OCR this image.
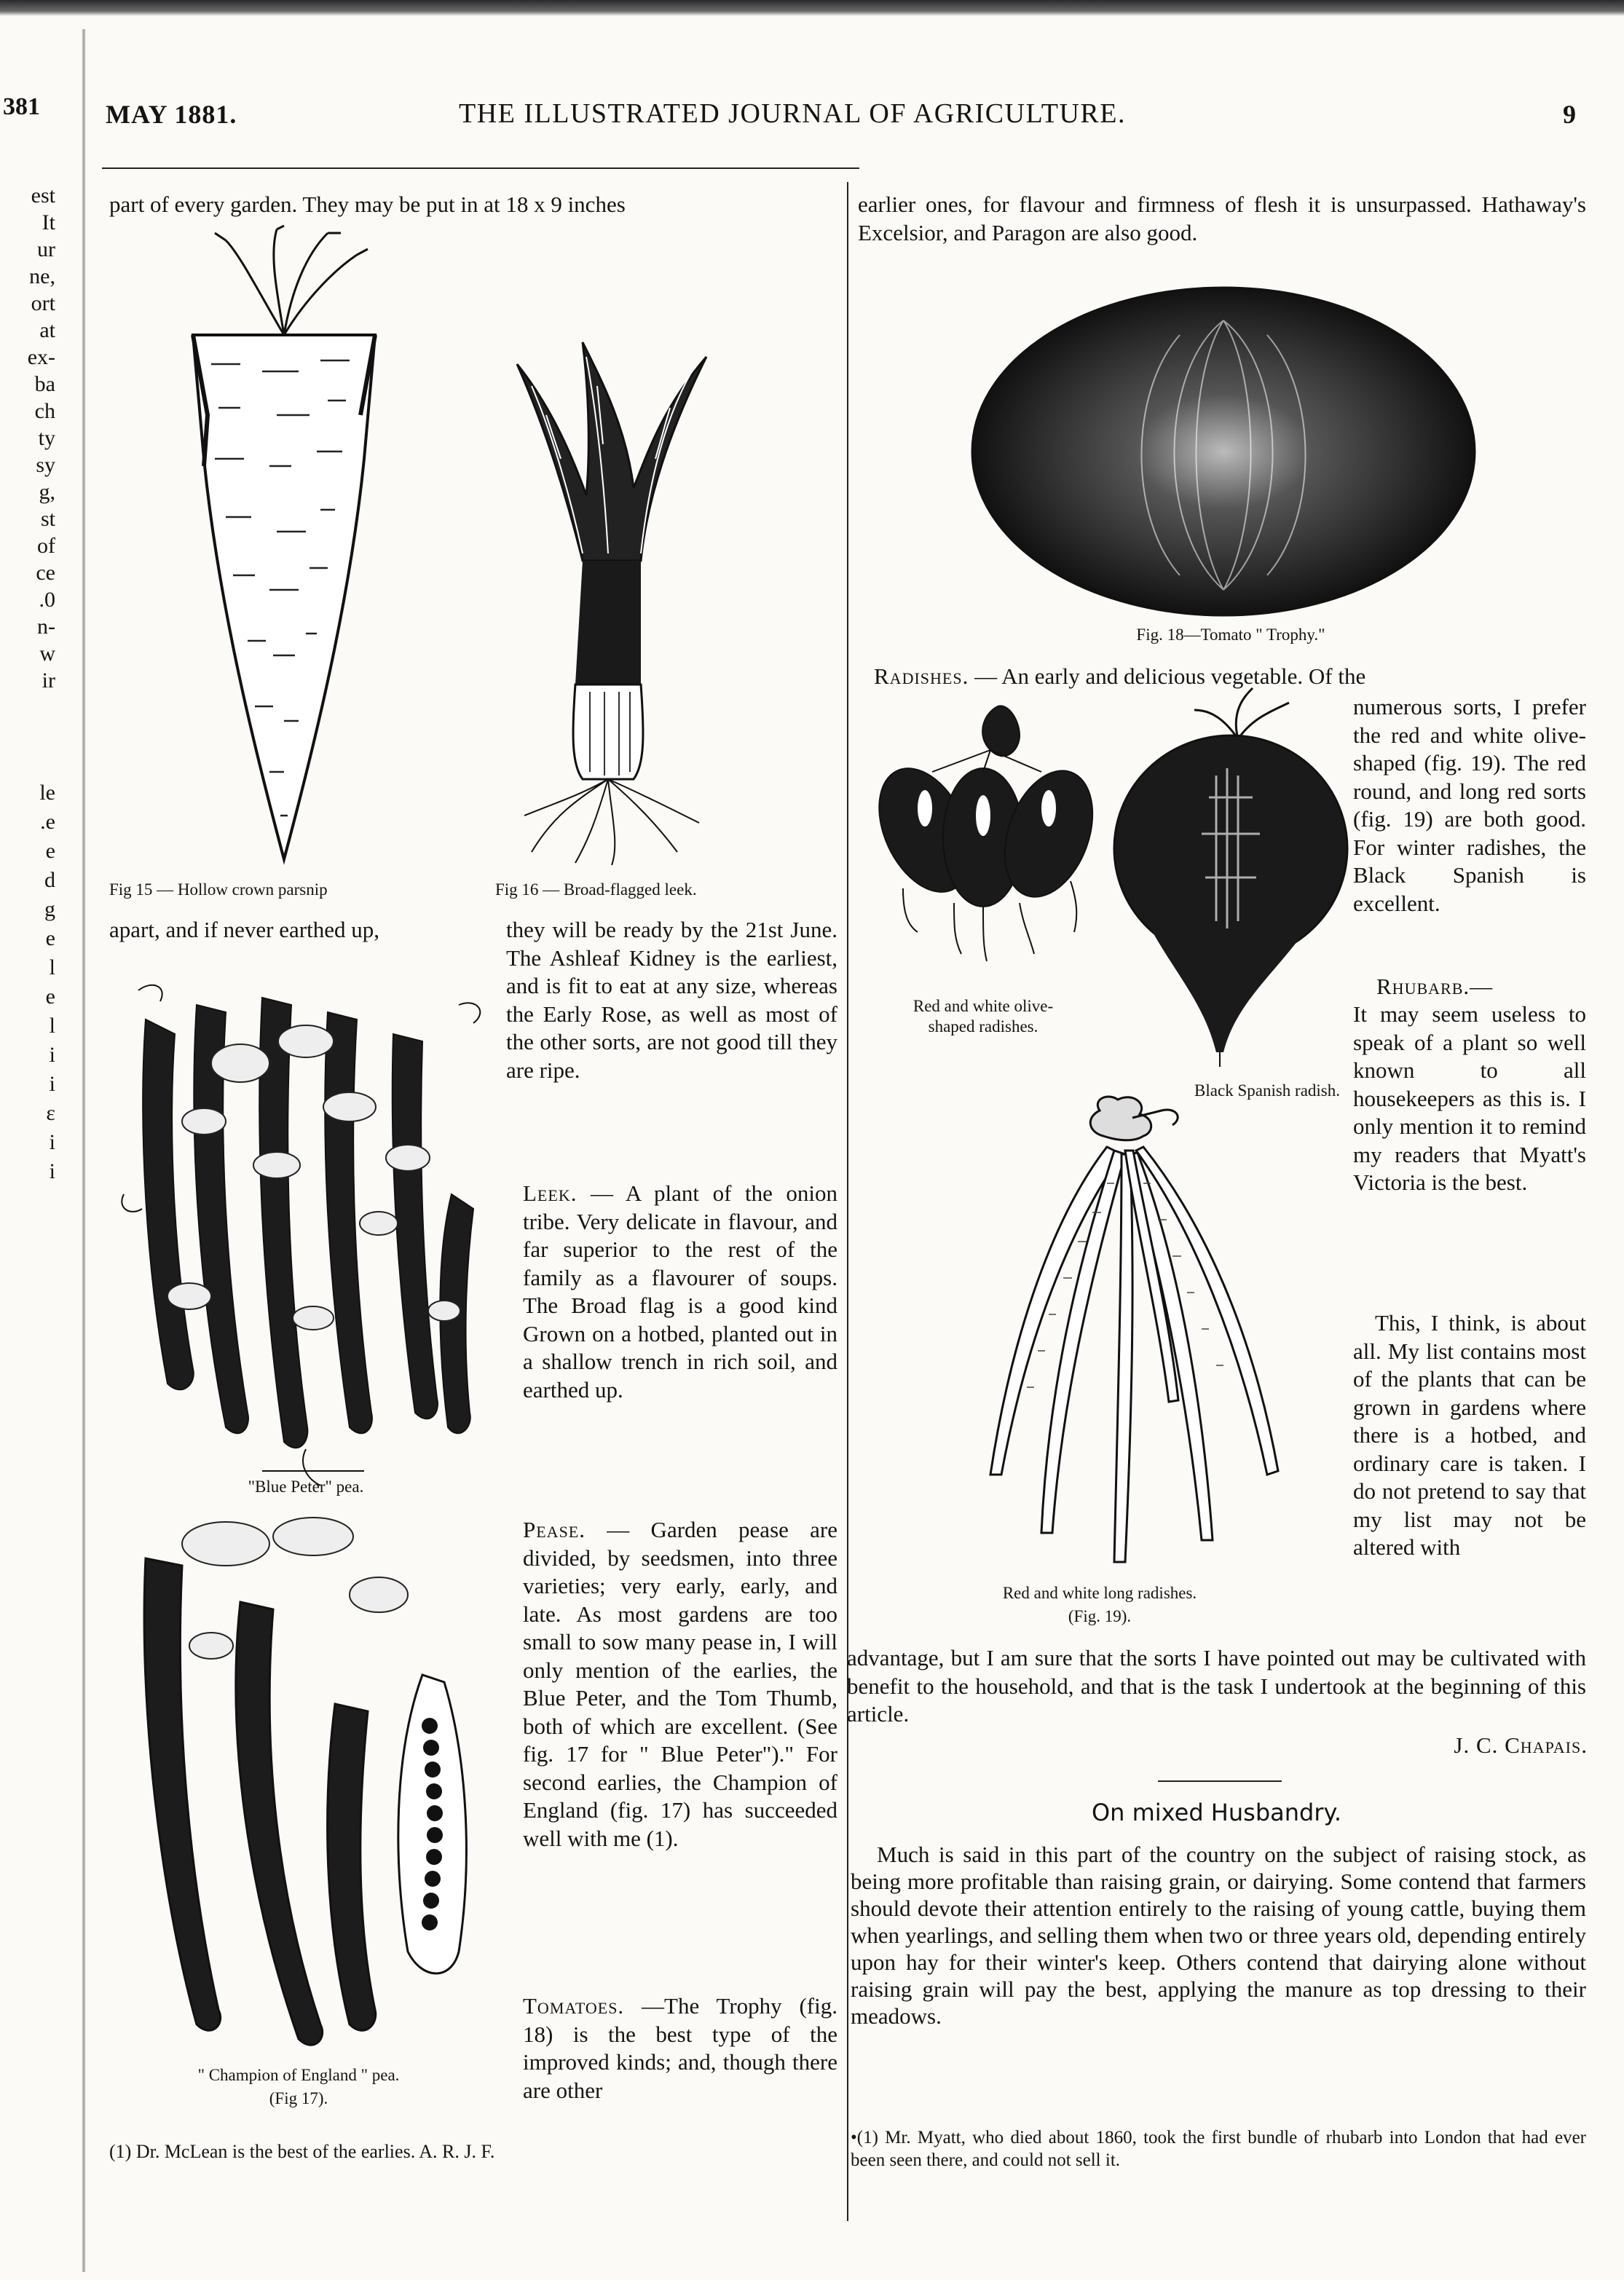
381	MAY 1881.	THE ILLUSTRATED JOURNAL OF AGRICULTURE.	9
est
It
ur
ne,
ort
at
ex-
ba
ch
ty
sy
g,
st
of
ce
.0
n-
w
ir
le
.e
e
d
g
e
l
e
l
i
i
ɛ
i
i
part of every garden. They may be put in at 18 x 9 inches
Fig 15 — Hollow crown parsnip	Fig 16 — Broad-flagged leek.
apart, and if never earthed up,
"Blue Peter" pea.
" Champion of England " pea.
(Fig 17).
(1) Dr. McLean is the best of the earlies. A. R. J. F.
they will be ready by the 21st June. The Ashleaf Kidney is the earliest, and is fit to eat at any size, whereas the Early Rose, as well as most of the other sorts, are not good till they are ripe.
Leek. — A plant of the onion tribe. Very delicate in flavour, and far superior to the rest of the family as a flavourer of soups. The Broad flag is a good kind Grown on a hotbed, planted out in a shallow trench in rich soil, and earthed up.
Pease. — Garden pease are divided, by seedsmen, into three varieties; very early, early, and late. As most gardens are too small to sow many pease in, I will only mention of the earlies, the Blue Peter, and the Tom Thumb, both of which are excellent. (See fig. 17 for " Blue Peter")." For second earlies, the Champion of England (fig. 17) has succeeded well with me (1).
Tomatoes. —The Trophy (fig. 18) is the best type of the improved kinds; and, though there are other
earlier ones, for flavour and firmness of flesh it is unsurpassed. Hathaway's Excelsior, and Paragon are also good.
Fig. 18—Tomato " Trophy."
Radishes. — An early and delicious vegetable. Of the
Red and white olive-
shaped radishes.
Black Spanish radish.
Red and white long radishes.
(Fig. 19).
numerous sorts, I prefer the red and white olive-shaped (fig. 19). The red round, and long red sorts (fig. 19) are both good. For winter radishes, the Black Spanish is excellent.
Rhubarb.—
It may seem useless to speak of a plant so well known to all housekeepers as this is. I only mention it to remind my readers that Myatt's Victoria is the best.
This, I think, is about all. My list contains most of the plants that can be grown in gardens where there is a hotbed, and ordinary care is taken. I do not pretend to say that my list may not be altered with
advantage, but I am sure that the sorts I have pointed out may be cultivated with benefit to the household, and that is the task I undertook at the beginning of this article.
J. C. Chapais.
On mixed Husbandry.
Much is said in this part of the country on the subject of raising stock, as being more profitable than raising grain, or dairying. Some contend that farmers should devote their attention entirely to the raising of young cattle, buying them when yearlings, and selling them when two or three years old, depending entirely upon hay for their winter's keep. Others contend that dairying alone without raising grain will pay the best, applying the manure as top dressing to their meadows.
•(1) Mr. Myatt, who died about 1860, took the first bundle of rhubarb into London that had ever been seen there, and could not sell it.
